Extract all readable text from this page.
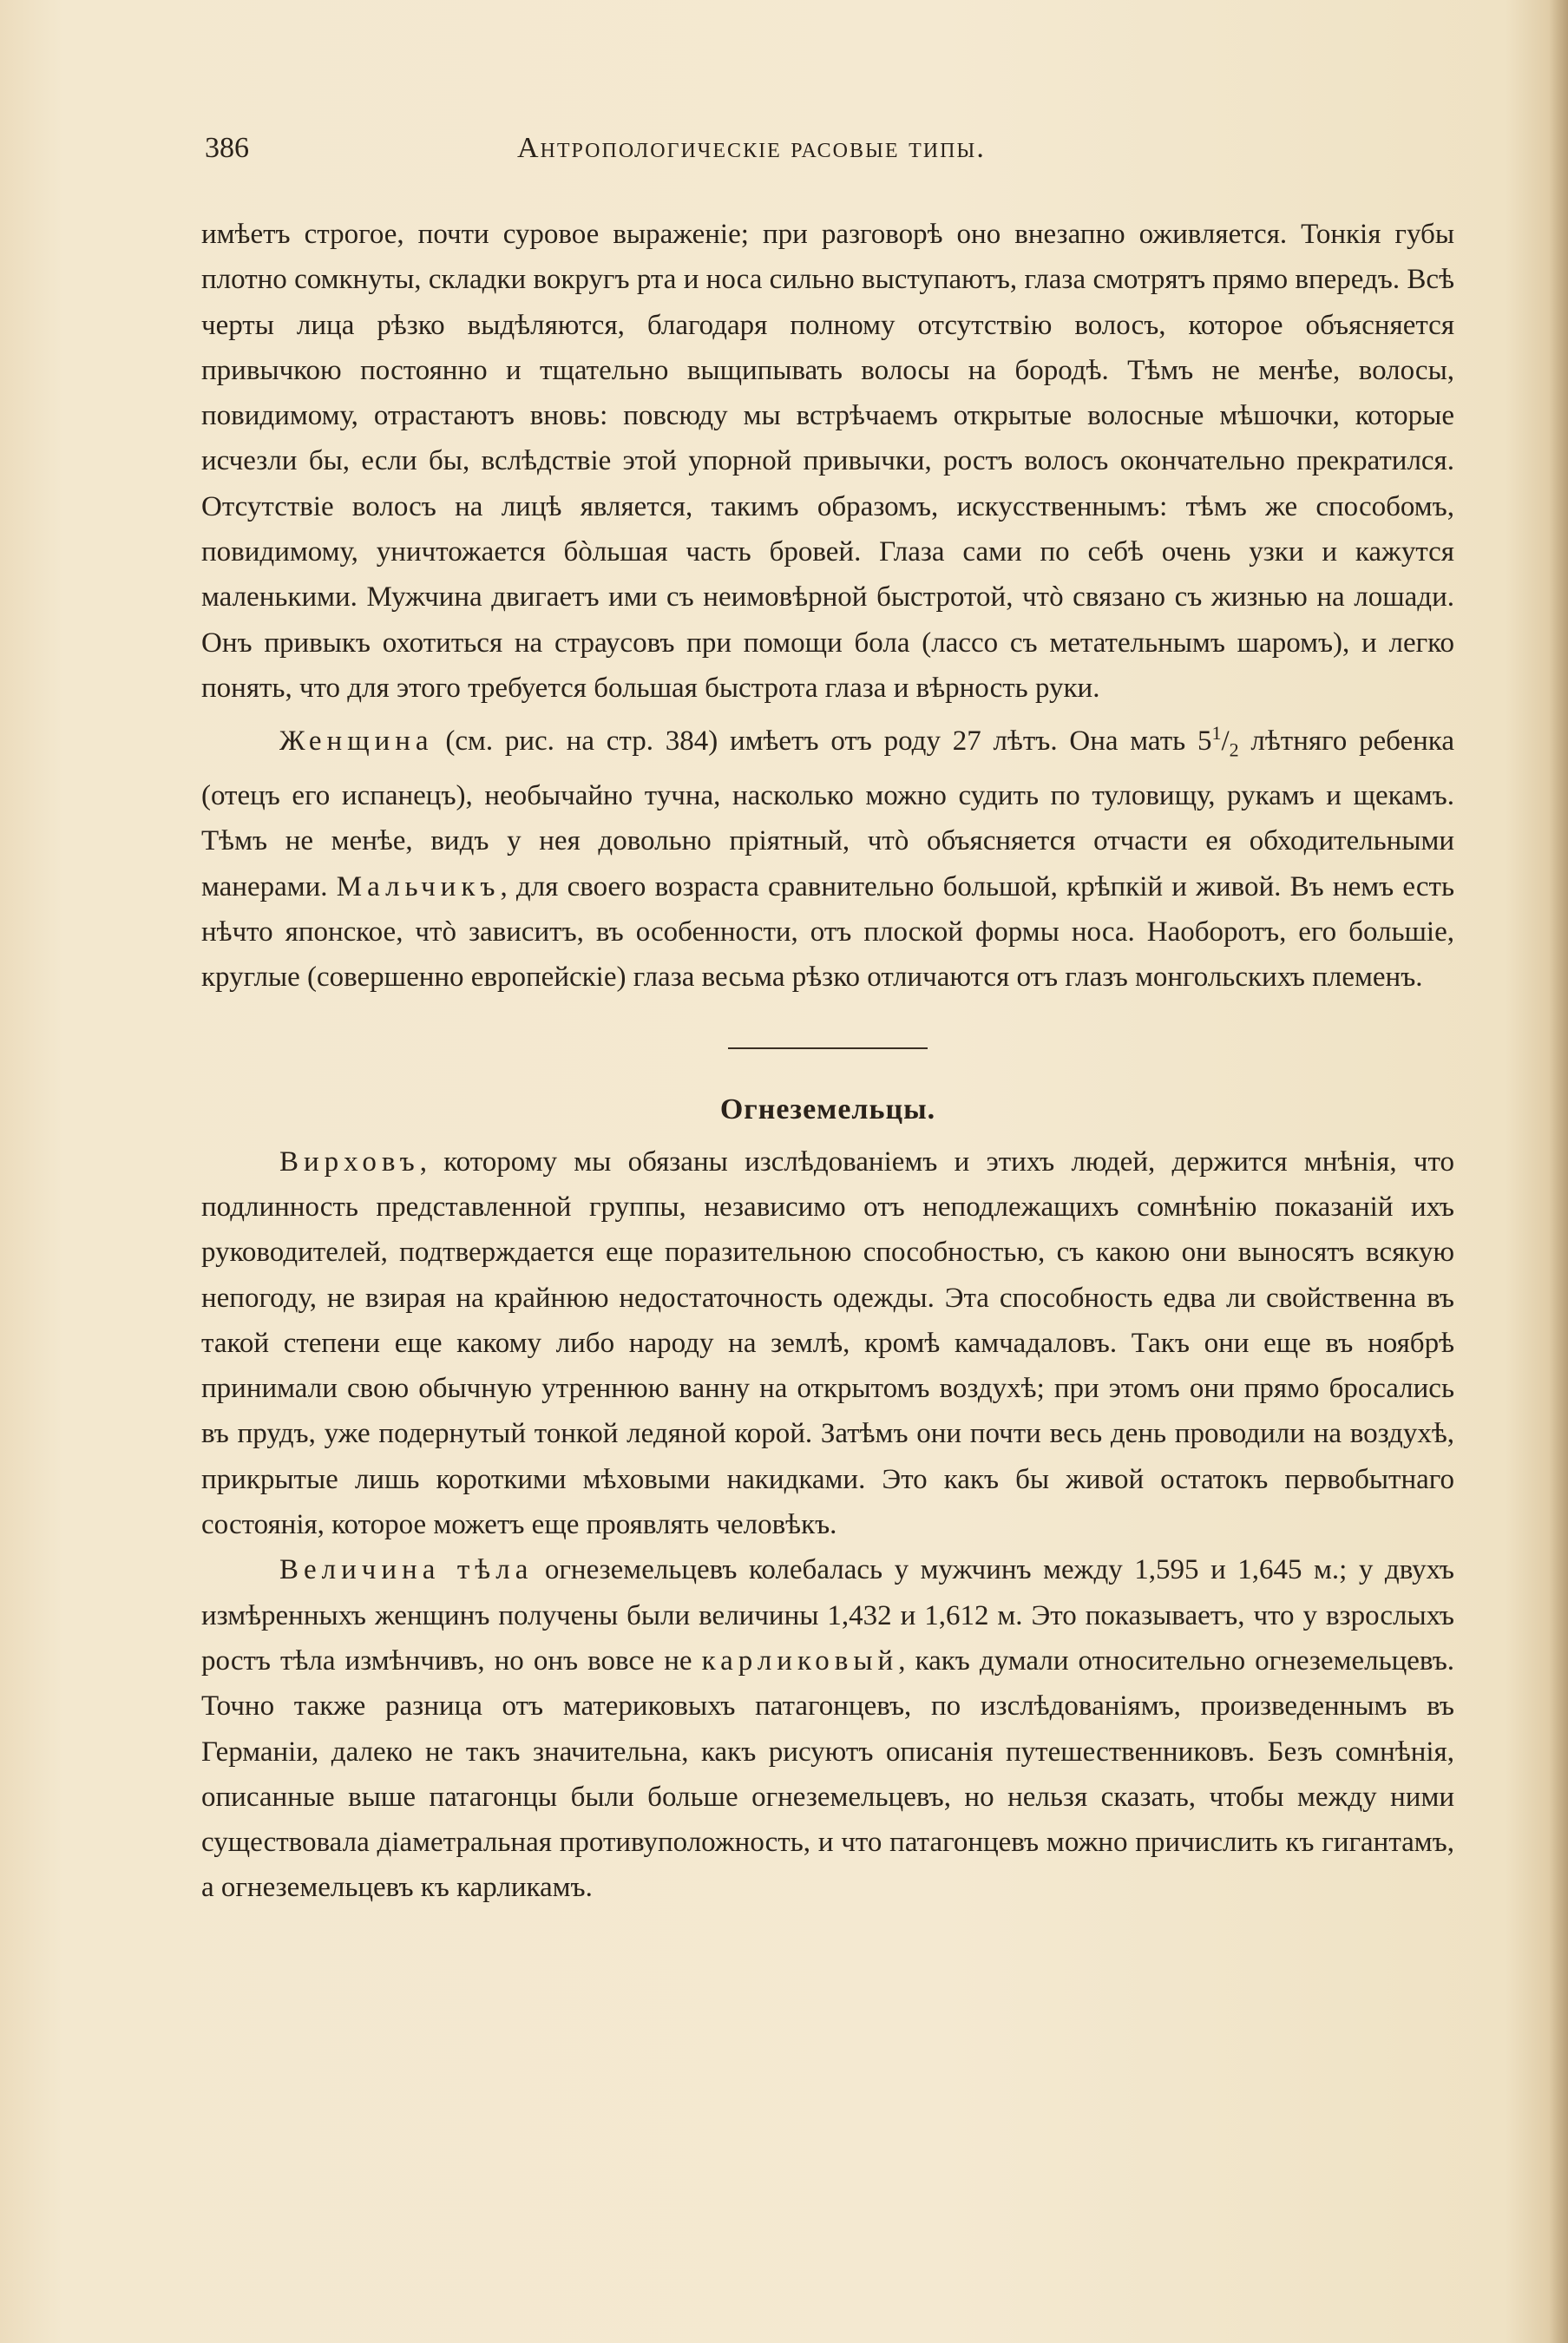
386	Антропологическіе расовые типы.

имѣетъ строгое, почти суровое выраженіе; при разговорѣ оно внезапно оживляется. Тонкія губы плотно сомкнуты, складки вокругъ рта и носа сильно выступаютъ, глаза смотрятъ прямо впередъ. Всѣ черты лица рѣзко выдѣляются, благодаря полному отсутствію волосъ, которое объясняется привычкою постоянно и тщательно выщипывать волосы на бородѣ. Тѣмъ не менѣе, волосы, повидимому, отрастаютъ вновь: повсюду мы встрѣчаемъ открытые волосные мѣшочки, которые исчезли бы, если бы, вслѣдствіе этой упорной привычки, ростъ волосъ окончательно прекратился. Отсутствіе волосъ на лицѣ является, такимъ образомъ, искусственнымъ: тѣмъ же способомъ, повидимому, уничтожается бòльшая часть бровей. Глаза сами по себѣ очень узки и кажутся маленькими. Мужчина двигаетъ ими съ неимовѣрной быстротой, чтò связано съ жизнью на лошади. Онъ привыкъ охотиться на страусовъ при помощи бола (лассо съ метательнымъ шаромъ), и легко понять, что для этого требуется большая быстрота глаза и вѣрность руки.

Женщина (см. рис. на стр. 384) имѣетъ отъ роду 27 лѣтъ. Она мать $5^1/_2$ лѣтняго ребенка (отецъ его испанецъ), необычайно тучна, насколько можно судить по туловищу, рукамъ и щекамъ. Тѣмъ не менѣе, видъ у нея довольно пріятный, чтò объясняется отчасти ея обходительными манерами. Мальчикъ, для своего возраста сравнительно большой, крѣпкій и живой. Въ немъ есть нѣчто японское, чтò зависитъ, въ особенности, отъ плоской формы носа. Наоборотъ, его большіе, круглые (совершенно европейскіе) глаза весьма рѣзко отличаются отъ глазъ монгольскихъ племенъ.

Огнеземельцы.

Вирховъ, которому мы обязаны изслѣдованіемъ и этихъ людей, держится мнѣнія, что подлинность представленной группы, независимо отъ неподлежащихъ сомнѣнію показаній ихъ руководителей, подтверждается еще поразительною способностью, съ какою они выносятъ всякую непогоду, не взирая на крайнюю недостаточность одежды. Эта способность едва ли свойственна въ такой степени еще какому либо народу на землѣ, кромѣ камчадаловъ. Такъ они еще въ ноябрѣ принимали свою обычную утреннюю ванну на открытомъ воздухѣ; при этомъ они прямо бросались въ прудъ, уже подернутый тонкой ледяной корой. Затѣмъ они почти весь день проводили на воздухѣ, прикрытые лишь короткими мѣховыми накидками. Это какъ бы живой остатокъ первобытнаго состоянія, которое можетъ еще проявлять человѣкъ.

Величина тѣла огнеземельцевъ колебалась у мужчинъ между 1,595 и 1,645 м.; у двухъ измѣренныхъ женщинъ получены были величины 1,432 и 1,612 м. Это показываетъ, что у взрослыхъ ростъ тѣла измѣнчивъ, но онъ вовсе не карликовый, какъ думали относительно огнеземельцевъ. Точно также разница отъ материковыхъ патагонцевъ, по изслѣдованіямъ, произведеннымъ въ Германіи, далеко не такъ значительна, какъ рисуютъ описанія путешественниковъ. Безъ сомнѣнія, описанные выше патагонцы были больше огнеземельцевъ, но нельзя сказать, чтобы между ними существовала діаметральная противуположность, и что патагонцевъ можно причислить къ гигантамъ, а огнеземельцевъ къ карликамъ.
